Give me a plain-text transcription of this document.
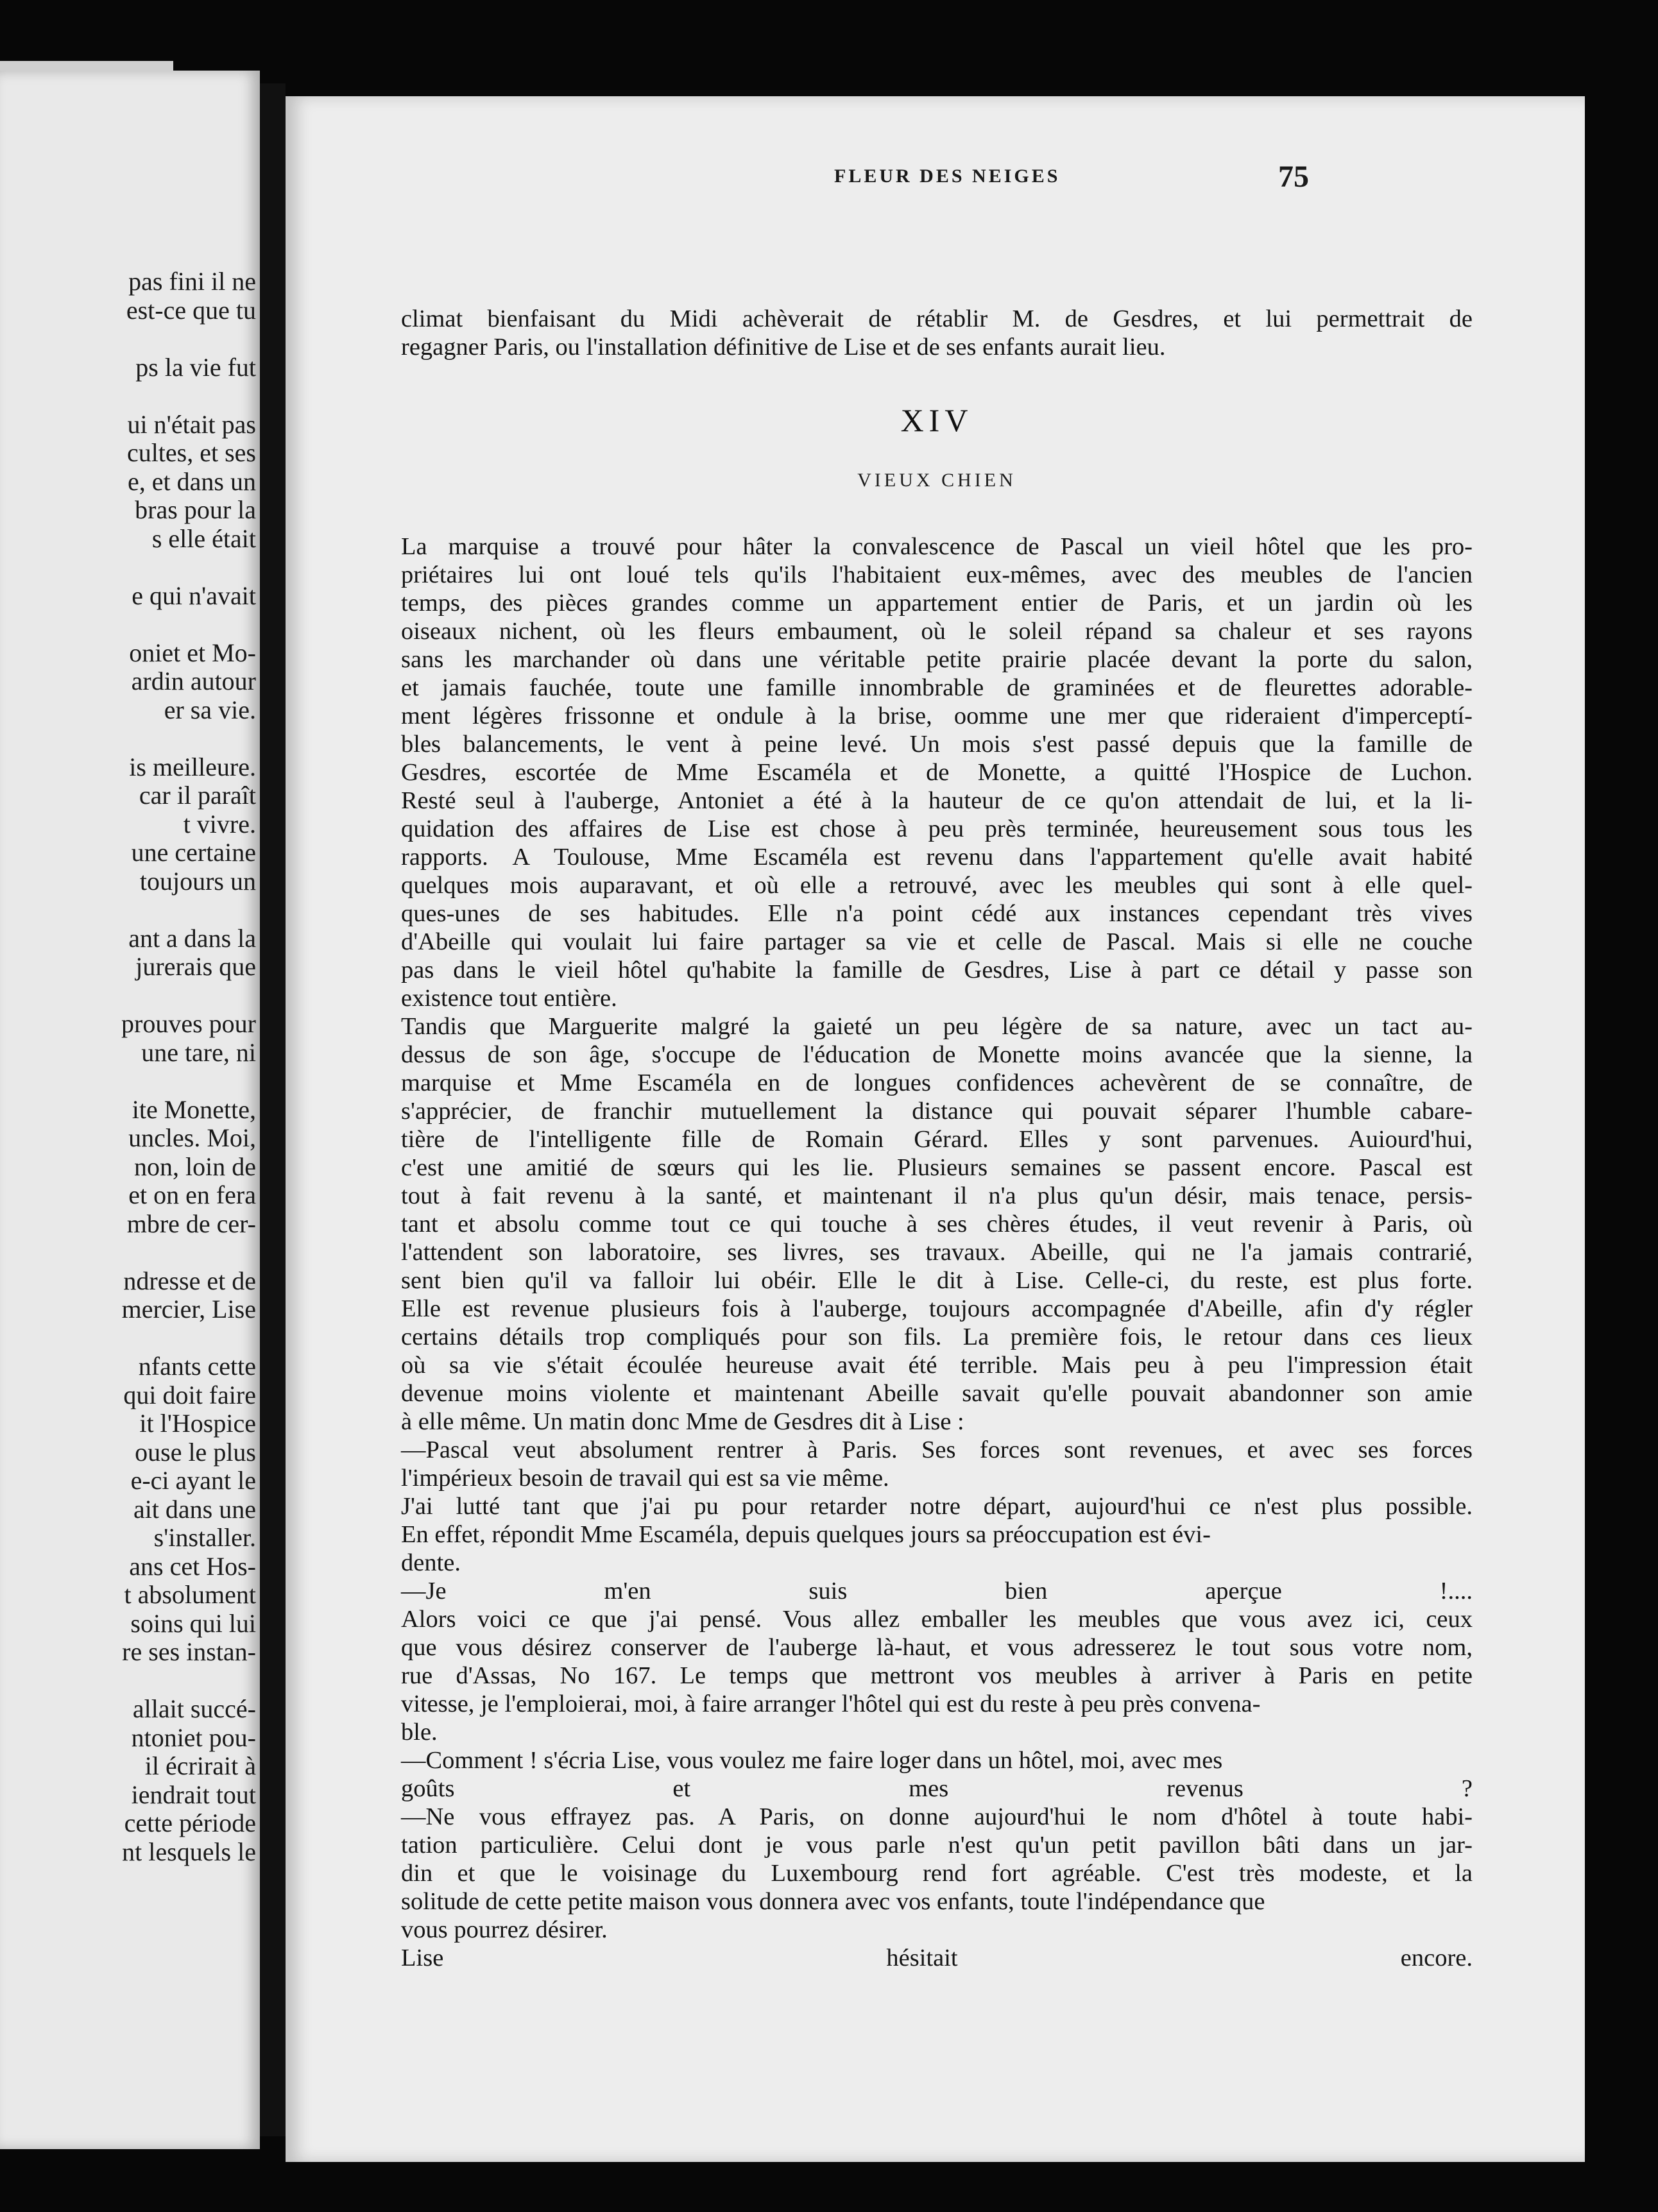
pas fini il ne
est-ce que tu
ps la vie fut
ui n'était pas
cultes, et ses
e, et dans un
bras pour la
s elle était
e qui n'avait
oniet et Mo-
ardin autour
er sa vie.
is meilleure.
car il paraît
t vivre.
une certaine
toujours un
ant a dans la
jurerais que
prouves pour
une tare, ni
ite Monette,
uncles. Moi,
non, loin de
et on en fera
mbre de cer-
ndresse et de
mercier, Lise
nfants cette
qui doit faire
it l'Hospice
ouse le plus
e-ci ayant le
ait dans une
s'installer.
ans cet Hos-
t absolument
soins qui lui
re ses instan-
allait succé-
ntoniet pou-
il écrirait à
iendrait tout
cette période
nt lesquels le
FLEUR DES NEIGES	75
climat bienfaisant du Midi achèverait de rétablir M. de Gesdres, et lui permettrait de
regagner Paris, ou l'installation définitive de Lise et de ses enfants aurait lieu.
XIV
VIEUX CHIEN
La marquise a trouvé pour hâter la convalescence de Pascal un vieil hôtel que les pro-
priétaires lui ont loué tels qu'ils l'habitaient eux-mêmes, avec des meubles de l'ancien
temps, des pièces grandes comme un appartement entier de Paris, et un jardin où les
oiseaux nichent, où les fleurs embaument, où le soleil répand sa chaleur et ses rayons
sans les marchander où dans une véritable petite prairie placée devant la porte du salon,
et jamais fauchée, toute une famille innombrable de graminées et de fleurettes adorable-
ment légères frissonne et ondule à la brise, oomme une mer que rideraient d'imperceptí-
bles balancements, le vent à peine levé. Un mois s'est passé depuis que la famille de
Gesdres, escortée de Mme Escaméla et de Monette, a quitté l'Hospice de Luchon.
Resté seul à l'auberge, Antoniet a été à la hauteur de ce qu'on attendait de lui, et la li-
quidation des affaires de Lise est chose à peu près terminée, heureusement sous tous les
rapports. A Toulouse, Mme Escaméla est revenu dans l'appartement qu'elle avait habité
quelques mois auparavant, et où elle a retrouvé, avec les meubles qui sont à elle quel-
ques-unes de ses habitudes. Elle n'a point cédé aux instances cependant très vives
d'Abeille qui voulait lui faire partager sa vie et celle de Pascal. Mais si elle ne couche
pas dans le vieil hôtel qu'habite la famille de Gesdres, Lise à part ce détail y passe son
existence tout entière.
Tandis que Marguerite malgré la gaieté un peu légère de sa nature, avec un tact au-
dessus de son âge, s'occupe de l'éducation de Monette moins avancée que la sienne, la
marquise et Mme Escaméla en de longues confidences achevèrent de se connaître, de
s'apprécier, de franchir mutuellement la distance qui pouvait séparer l'humble cabare-
tière de l'intelligente fille de Romain Gérard. Elles y sont parvenues. Auiourd'hui,
c'est une amitié de sœurs qui les lie. Plusieurs semaines se passent encore. Pascal est
tout à fait revenu à la santé, et maintenant il n'a plus qu'un désir, mais tenace, persis-
tant et absolu comme tout ce qui touche à ses chères études, il veut revenir à Paris, où
l'attendent son laboratoire, ses livres, ses travaux. Abeille, qui ne l'a jamais contrarié,
sent bien qu'il va falloir lui obéir. Elle le dit à Lise. Celle-ci, du reste, est plus forte.
Elle est revenue plusieurs fois à l'auberge, toujours accompagnée d'Abeille, afin d'y régler
certains détails trop compliqués pour son fils. La première fois, le retour dans ces lieux
où sa vie s'était écoulée heureuse avait été terrible. Mais peu à peu l'impression était
devenue moins violente et maintenant Abeille savait qu'elle pouvait abandonner son amie
à elle même. Un matin donc Mme de Gesdres dit à Lise :
—Pascal veut absolument rentrer à Paris. Ses forces sont revenues, et avec ses forces
l'impérieux besoin de travail qui est sa vie même.
J'ai lutté tant que j'ai pu pour retarder notre départ, aujourd'hui ce n'est plus possible.
En effet, répondit Mme Escaméla, depuis quelques jours sa préoccupation est évi-
dente.
—Je m'en suis bien aperçue !....
Alors voici ce que j'ai pensé. Vous allez emballer les meubles que vous avez ici, ceux
que vous désirez conserver de l'auberge là-haut, et vous adresserez le tout sous votre nom,
rue d'Assas, No 167. Le temps que mettront vos meubles à arriver à Paris en petite
vitesse, je l'emploierai, moi, à faire arranger l'hôtel qui est du reste à peu près convena-
ble.
—Comment ! s'écria Lise, vous voulez me faire loger dans un hôtel, moi, avec mes
goûts et mes revenus ?
—Ne vous effrayez pas. A Paris, on donne aujourd'hui le nom d'hôtel à toute habi-
tation particulière. Celui dont je vous parle n'est qu'un petit pavillon bâti dans un jar-
din et que le voisinage du Luxembourg rend fort agréable. C'est très modeste, et la
solitude de cette petite maison vous donnera avec vos enfants, toute l'indépendance que
vous pourrez désirer.
Lise hésitait encore.
